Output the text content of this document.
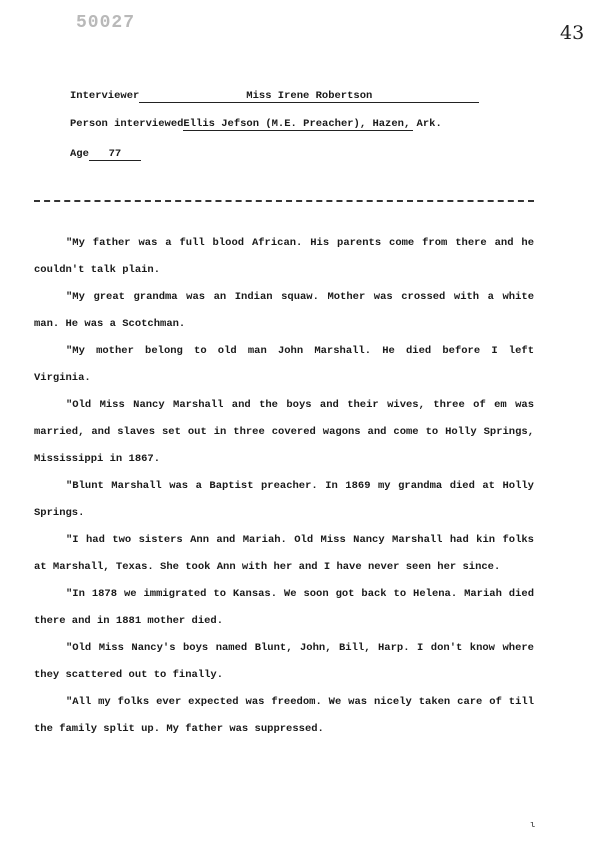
50027	43
Interviewer	Miss Irene Robertson
Person interviewedEllis Jefson (M.E. Preacher), Hazen, Ark.
Age 77

"My father was a full blood African. His parents come from there and he couldn't talk plain.

"My great grandma was an Indian squaw. Mother was crossed with a white man. He was a Scotchman.

"My mother belong to old man John Marshall. He died before I left Virginia.

"Old Miss Nancy Marshall and the boys and their wives, three of em was married, and slaves set out in three covered wagons and come to Holly Springs, Mississippi in 1867.

"Blunt Marshall was a Baptist preacher. In 1869 my grandma died at Holly Springs.

"I had two sisters Ann and Mariah. Old Miss Nancy Marshall had kin folks at Marshall, Texas. She took Ann with her and I have never seen her since.

"In 1878 we immigrated to Kansas. We soon got back to Helena. Mariah died there and in 1881 mother died.

"Old Miss Nancy's boys named Blunt, John, Bill, Harp. I don't know where they scattered out to finally.

"All my folks ever expected was freedom. We was nicely taken care of till the family split up. My father was suppressed.

ι
